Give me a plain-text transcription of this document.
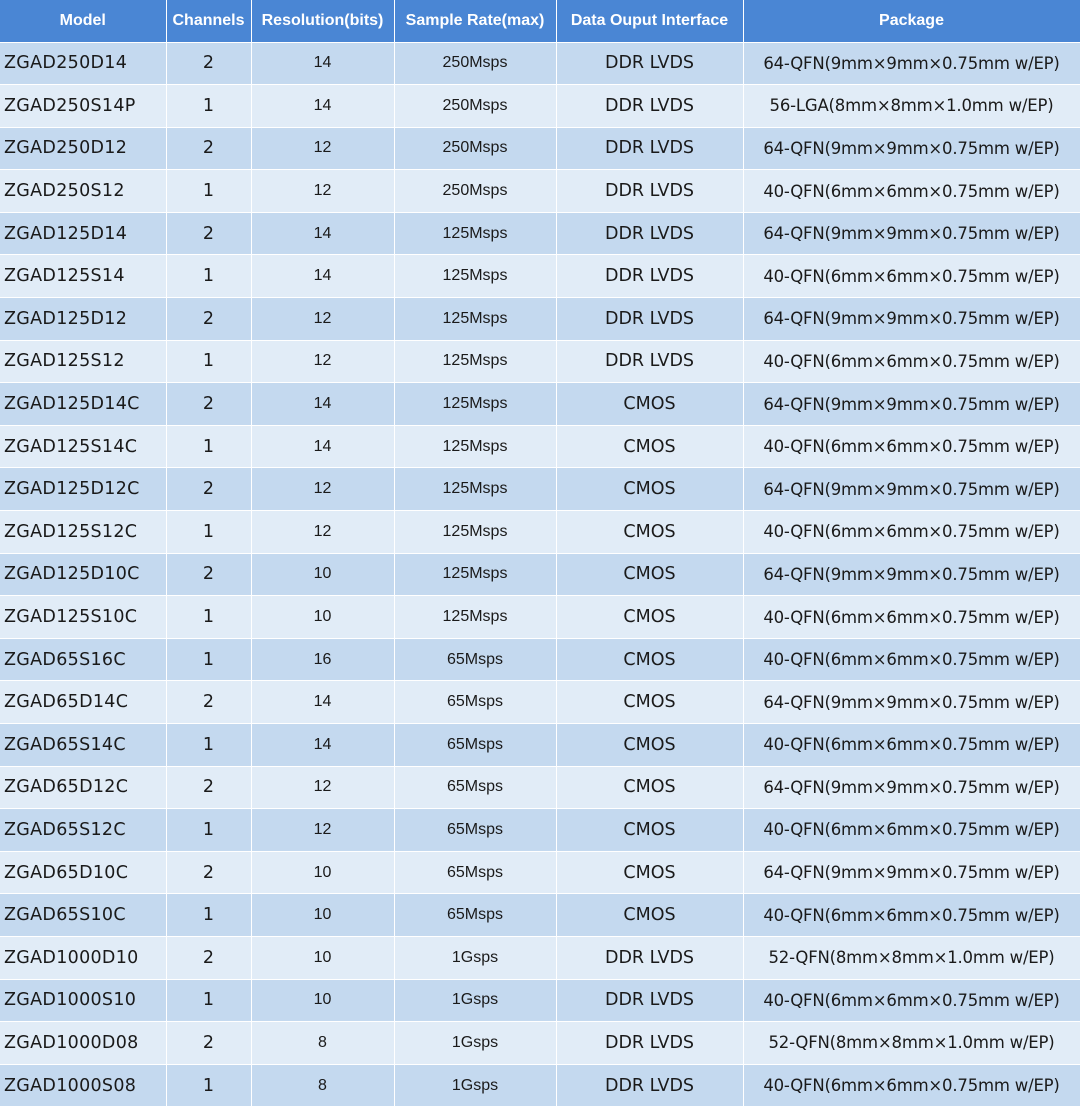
Model	Channels	Resolution(bits)	Sample Rate(max)	Data Ouput Interface	Package
ZGAD250D14	2	14	250Msps	DDR LVDS	64-QFN(9mm×9mm×0.75mm w/EP)
ZGAD250S14P	1	14	250Msps	DDR LVDS	56-LGA(8mm×8mm×1.0mm w/EP)
ZGAD250D12	2	12	250Msps	DDR LVDS	64-QFN(9mm×9mm×0.75mm w/EP)
ZGAD250S12	1	12	250Msps	DDR LVDS	40-QFN(6mm×6mm×0.75mm w/EP)
ZGAD125D14	2	14	125Msps	DDR LVDS	64-QFN(9mm×9mm×0.75mm w/EP)
ZGAD125S14	1	14	125Msps	DDR LVDS	40-QFN(6mm×6mm×0.75mm w/EP)
ZGAD125D12	2	12	125Msps	DDR LVDS	64-QFN(9mm×9mm×0.75mm w/EP)
ZGAD125S12	1	12	125Msps	DDR LVDS	40-QFN(6mm×6mm×0.75mm w/EP)
ZGAD125D14C	2	14	125Msps	CMOS	64-QFN(9mm×9mm×0.75mm w/EP)
ZGAD125S14C	1	14	125Msps	CMOS	40-QFN(6mm×6mm×0.75mm w/EP)
ZGAD125D12C	2	12	125Msps	CMOS	64-QFN(9mm×9mm×0.75mm w/EP)
ZGAD125S12C	1	12	125Msps	CMOS	40-QFN(6mm×6mm×0.75mm w/EP)
ZGAD125D10C	2	10	125Msps	CMOS	64-QFN(9mm×9mm×0.75mm w/EP)
ZGAD125S10C	1	10	125Msps	CMOS	40-QFN(6mm×6mm×0.75mm w/EP)
ZGAD65S16C	1	16	65Msps	CMOS	40-QFN(6mm×6mm×0.75mm w/EP)
ZGAD65D14C	2	14	65Msps	CMOS	64-QFN(9mm×9mm×0.75mm w/EP)
ZGAD65S14C	1	14	65Msps	CMOS	40-QFN(6mm×6mm×0.75mm w/EP)
ZGAD65D12C	2	12	65Msps	CMOS	64-QFN(9mm×9mm×0.75mm w/EP)
ZGAD65S12C	1	12	65Msps	CMOS	40-QFN(6mm×6mm×0.75mm w/EP)
ZGAD65D10C	2	10	65Msps	CMOS	64-QFN(9mm×9mm×0.75mm w/EP)
ZGAD65S10C	1	10	65Msps	CMOS	40-QFN(6mm×6mm×0.75mm w/EP)
ZGAD1000D10	2	10	1Gsps	DDR LVDS	52-QFN(8mm×8mm×1.0mm w/EP)
ZGAD1000S10	1	10	1Gsps	DDR LVDS	40-QFN(6mm×6mm×0.75mm w/EP)
ZGAD1000D08	2	8	1Gsps	DDR LVDS	52-QFN(8mm×8mm×1.0mm w/EP)
ZGAD1000S08	1	8	1Gsps	DDR LVDS	40-QFN(6mm×6mm×0.75mm w/EP)
